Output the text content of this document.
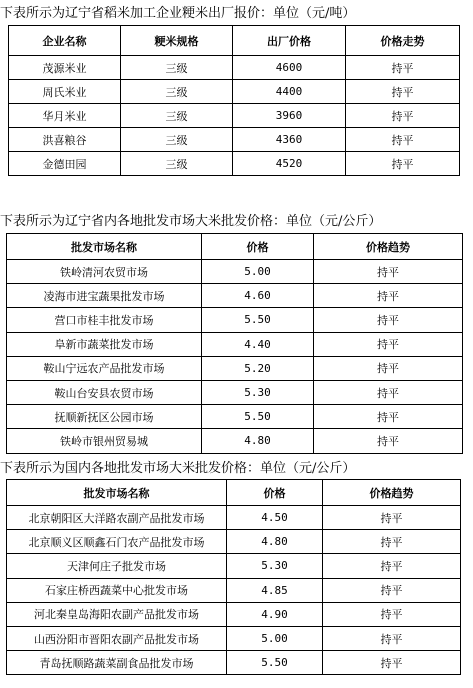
下表所示为辽宁省稻米加工企业粳米出厂报价：单位（元/吨）
企业名称	粳米规格	出厂价格	价格走势
茂源米业	三级	4600	持平
周氏米业	三级	4400	持平
华月米业	三级	3960	持平
洪喜粮谷	三级	4360	持平
金德田园	三级	4520	持平
下表所示为辽宁省内各地批发市场大米批发价格：单位（元/公斤）
批发市场名称	价格	价格趋势
铁岭清河农贸市场	5.00	持平
凌海市进宝蔬果批发市场	4.60	持平
营口市桂丰批发市场	5.50	持平
阜新市蔬菜批发市场	4.40	持平
鞍山宁远农产品批发市场	5.20	持平
鞍山台安县农贸市场	5.30	持平
抚顺新抚区公园市场	5.50	持平
铁岭市银州贸易城	4.80	持平
下表所示为国内各地批发市场大米批发价格：单位（元/公斤）
批发市场名称	价格	价格趋势
北京朝阳区大洋路农副产品批发市场	4.50	持平
北京顺义区顺鑫石门农产品批发市场	4.80	持平
天津何庄子批发市场	5.30	持平
石家庄桥西蔬菜中心批发市场	4.85	持平
河北秦皇岛海阳农副产品批发市场	4.90	持平
山西汾阳市晋阳农副产品批发市场	5.00	持平
青岛抚顺路蔬菜副食品批发市场	5.50	持平
